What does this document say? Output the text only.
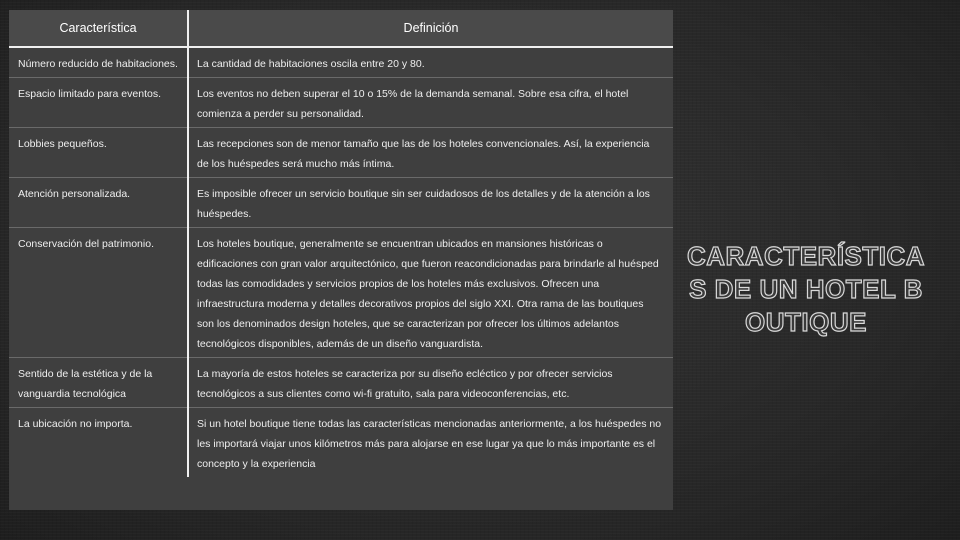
Característica	Definición
Número reducido de habitaciones.	La cantidad de habitaciones oscila entre 20 y 80.
Espacio limitado para eventos.	Los eventos no deben superar el 10 o 15% de la demanda semanal. Sobre esa cifra, el hotel comienza a perder su personalidad.
Lobbies pequeños.	Las recepciones son de menor tamaño que las de los hoteles convencionales. Así, la experiencia de los huéspedes será mucho más íntima.
Atención personalizada.	Es imposible ofrecer un servicio boutique sin ser cuidadosos de los detalles y de la atención a los huéspedes.
Conservación del patrimonio.	Los hoteles boutique, generalmente se encuentran ubicados en mansiones históricas o edificaciones con gran valor arquitectónico, que fueron reacondicionadas para brindarle al huésped todas las comodidades y servicios propios de los hoteles más exclusivos. Ofrecen una infraestructura moderna y detalles decorativos propios del siglo XXI. Otra rama de las boutiques son los denominados design hoteles, que se caracterizan por ofrecer los últimos adelantos tecnológicos disponibles, además de un diseño vanguardista.
Sentido de la estética y de la vanguardia tecnológica	La mayoría de estos hoteles se caracteriza por su diseño ecléctico y por ofrecer servicios tecnológicos a sus clientes como wi-fi gratuito, sala para videoconferencias, etc.
La ubicación no importa.	Si un hotel boutique tiene todas las características mencionadas anteriormente, a los huéspedes no les importará viajar unos kilómetros más para alojarse en ese lugar ya que lo más importante es el concepto y la experiencia
CARACTERÍSTICAS DE UN HOTEL BOUTIQUE
